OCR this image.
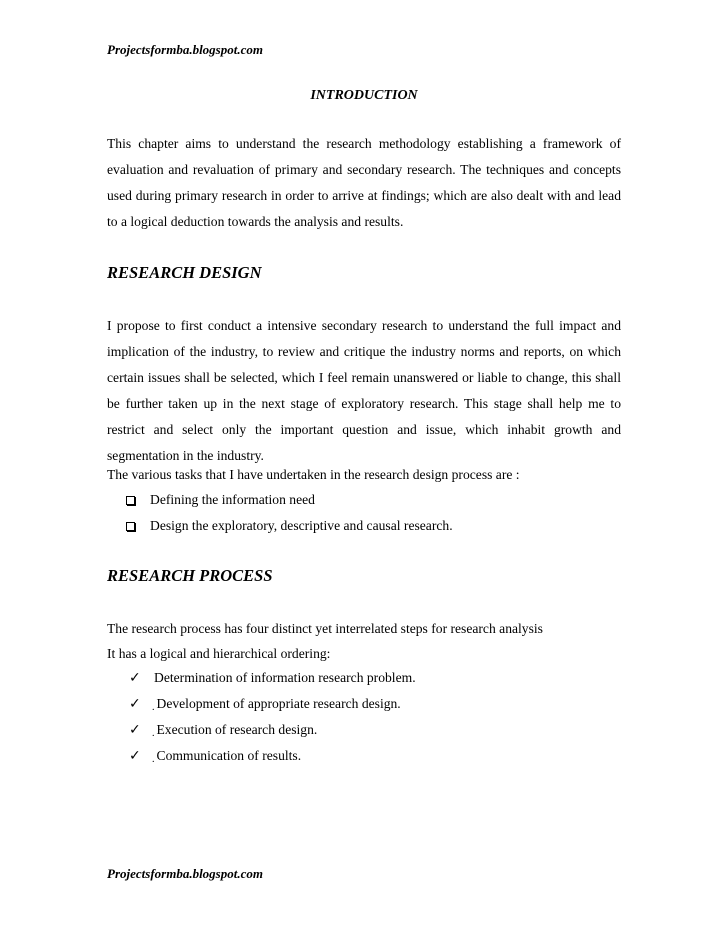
Projectsformba.blogspot.com
INTRODUCTION

This chapter aims to understand the research methodology establishing a framework of evaluation and revaluation of primary and secondary research. The techniques and concepts used during primary research in order to arrive at findings; which are also dealt with and lead to a logical deduction towards the analysis and results.

RESEARCH DESIGN

I propose to first conduct a intensive secondary research to understand the full impact and implication of the industry, to review and critique the industry norms and reports, on which certain issues shall be selected, which I feel remain unanswered or liable to change, this shall be further taken up in the next stage of exploratory research. This stage shall help me to restrict and select only the important question and issue, which inhabit growth and segmentation in the industry.

The various tasks that I have undertaken in the research design process are :
Defining the information need
Design the exploratory, descriptive and causal research.
RESEARCH PROCESS
The research process has four distinct yet interrelated steps for research analysis
It has a logical and hierarchical ordering:
✓ Determination of information research problem.
✓ . Development of appropriate research design.
✓ . Execution of research design.
✓ . Communication of results.
Projectsformba.blogspot.com
